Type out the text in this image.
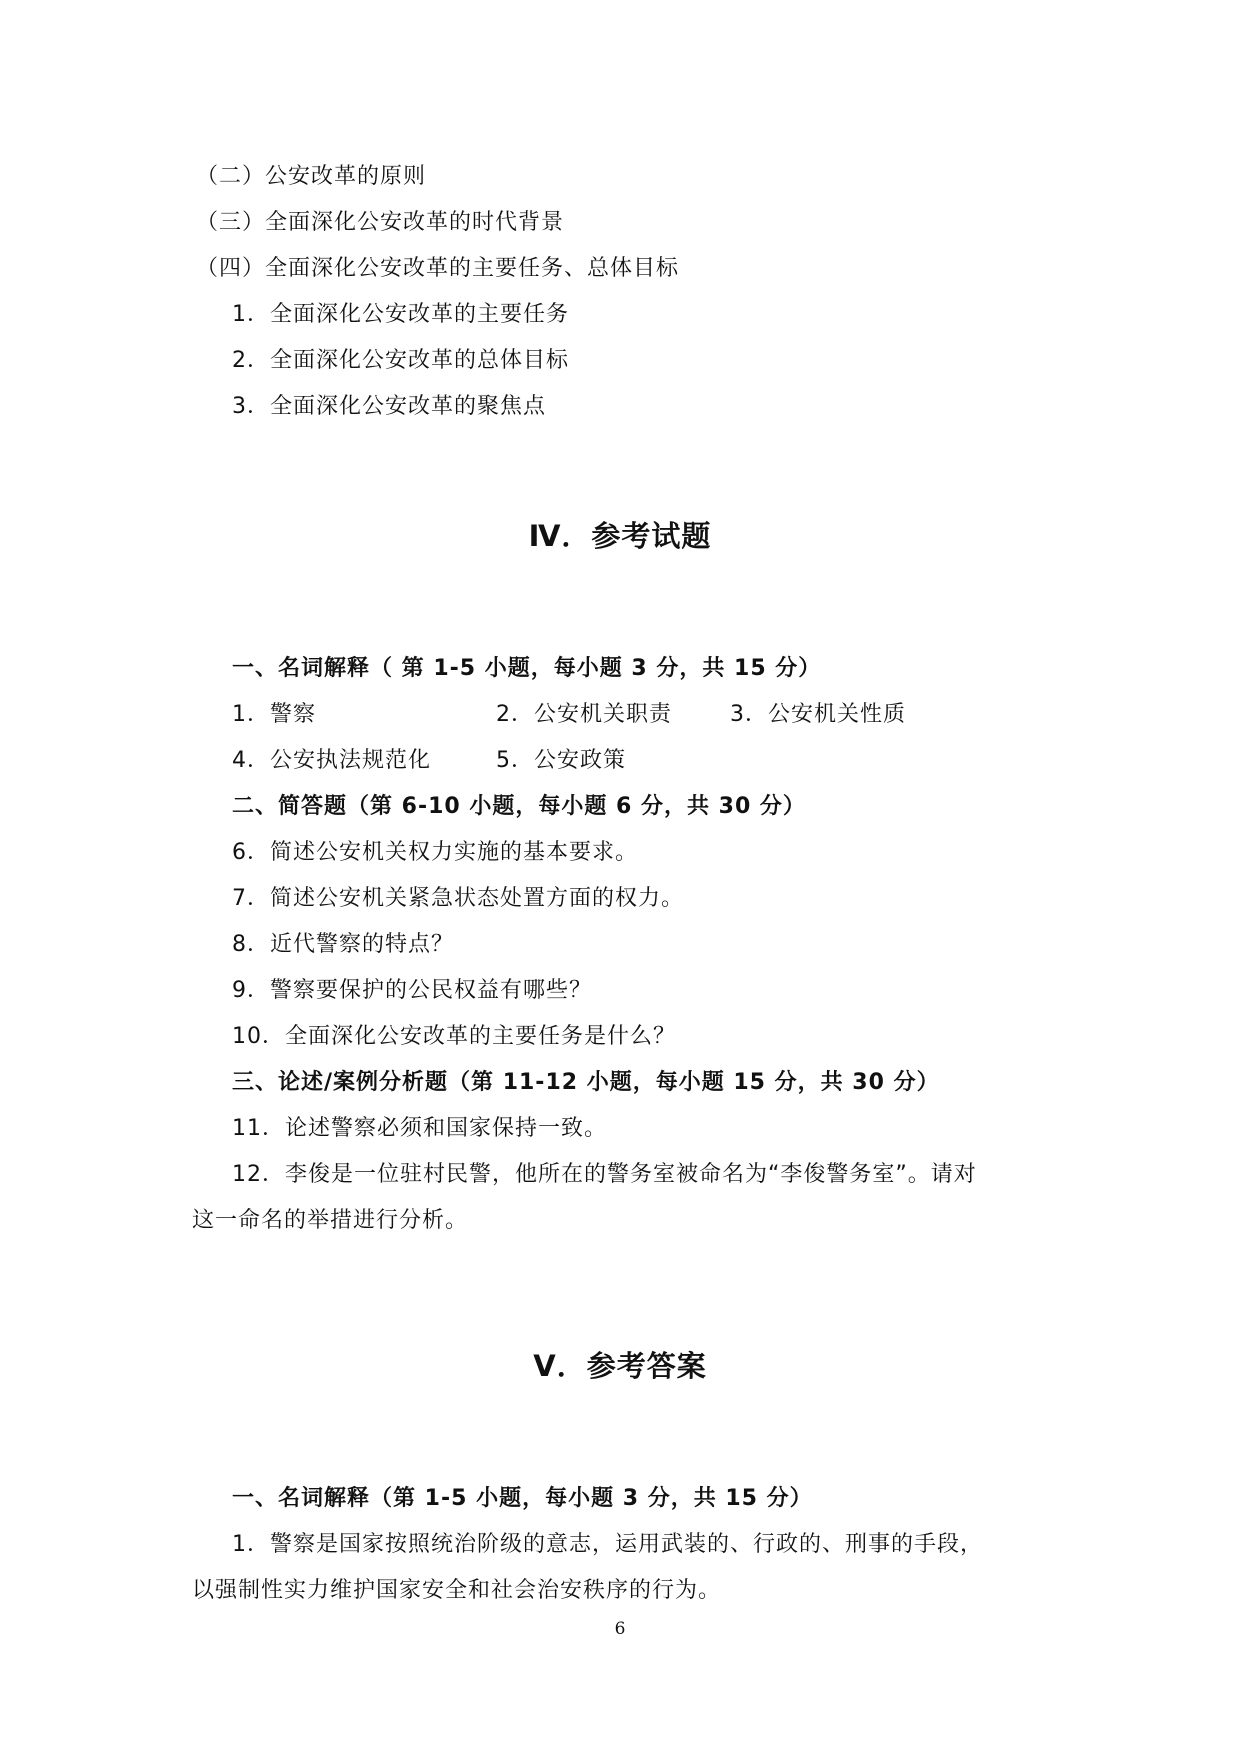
（二）公安改革的原则
（三）全面深化公安改革的时代背景
（四）全面深化公安改革的主要任务、总体目标
1．全面深化公安改革的主要任务
2．全面深化公安改革的总体目标
3．全面深化公安改革的聚焦点
Ⅳ．参考试题
一、名词解释（ 第 1-5 小题，每小题 3 分，共 15 分）
1．警察	2．公安机关职责	3．公安机关性质
4．公安执法规范化	5．公安政策
二、简答题（第 6-10 小题，每小题 6 分，共 30 分）
6．简述公安机关权力实施的基本要求。
7．简述公安机关紧急状态处置方面的权力。
8．近代警察的特点？
9．警察要保护的公民权益有哪些？
10．全面深化公安改革的主要任务是什么？
三、论述/案例分析题（第 11-12 小题，每小题 15 分，共 30 分）
11．论述警察必须和国家保持一致。
12．李俊是一位驻村民警，他所在的警务室被命名为“李俊警务室”。请对
这一命名的举措进行分析。
Ⅴ．参考答案
一、名词解释（第 1-5 小题，每小题 3 分，共 15 分）
1．警察是国家按照统治阶级的意志，运用武装的、行政的、刑事的手段，
以强制性实力维护国家安全和社会治安秩序的行为。
6
